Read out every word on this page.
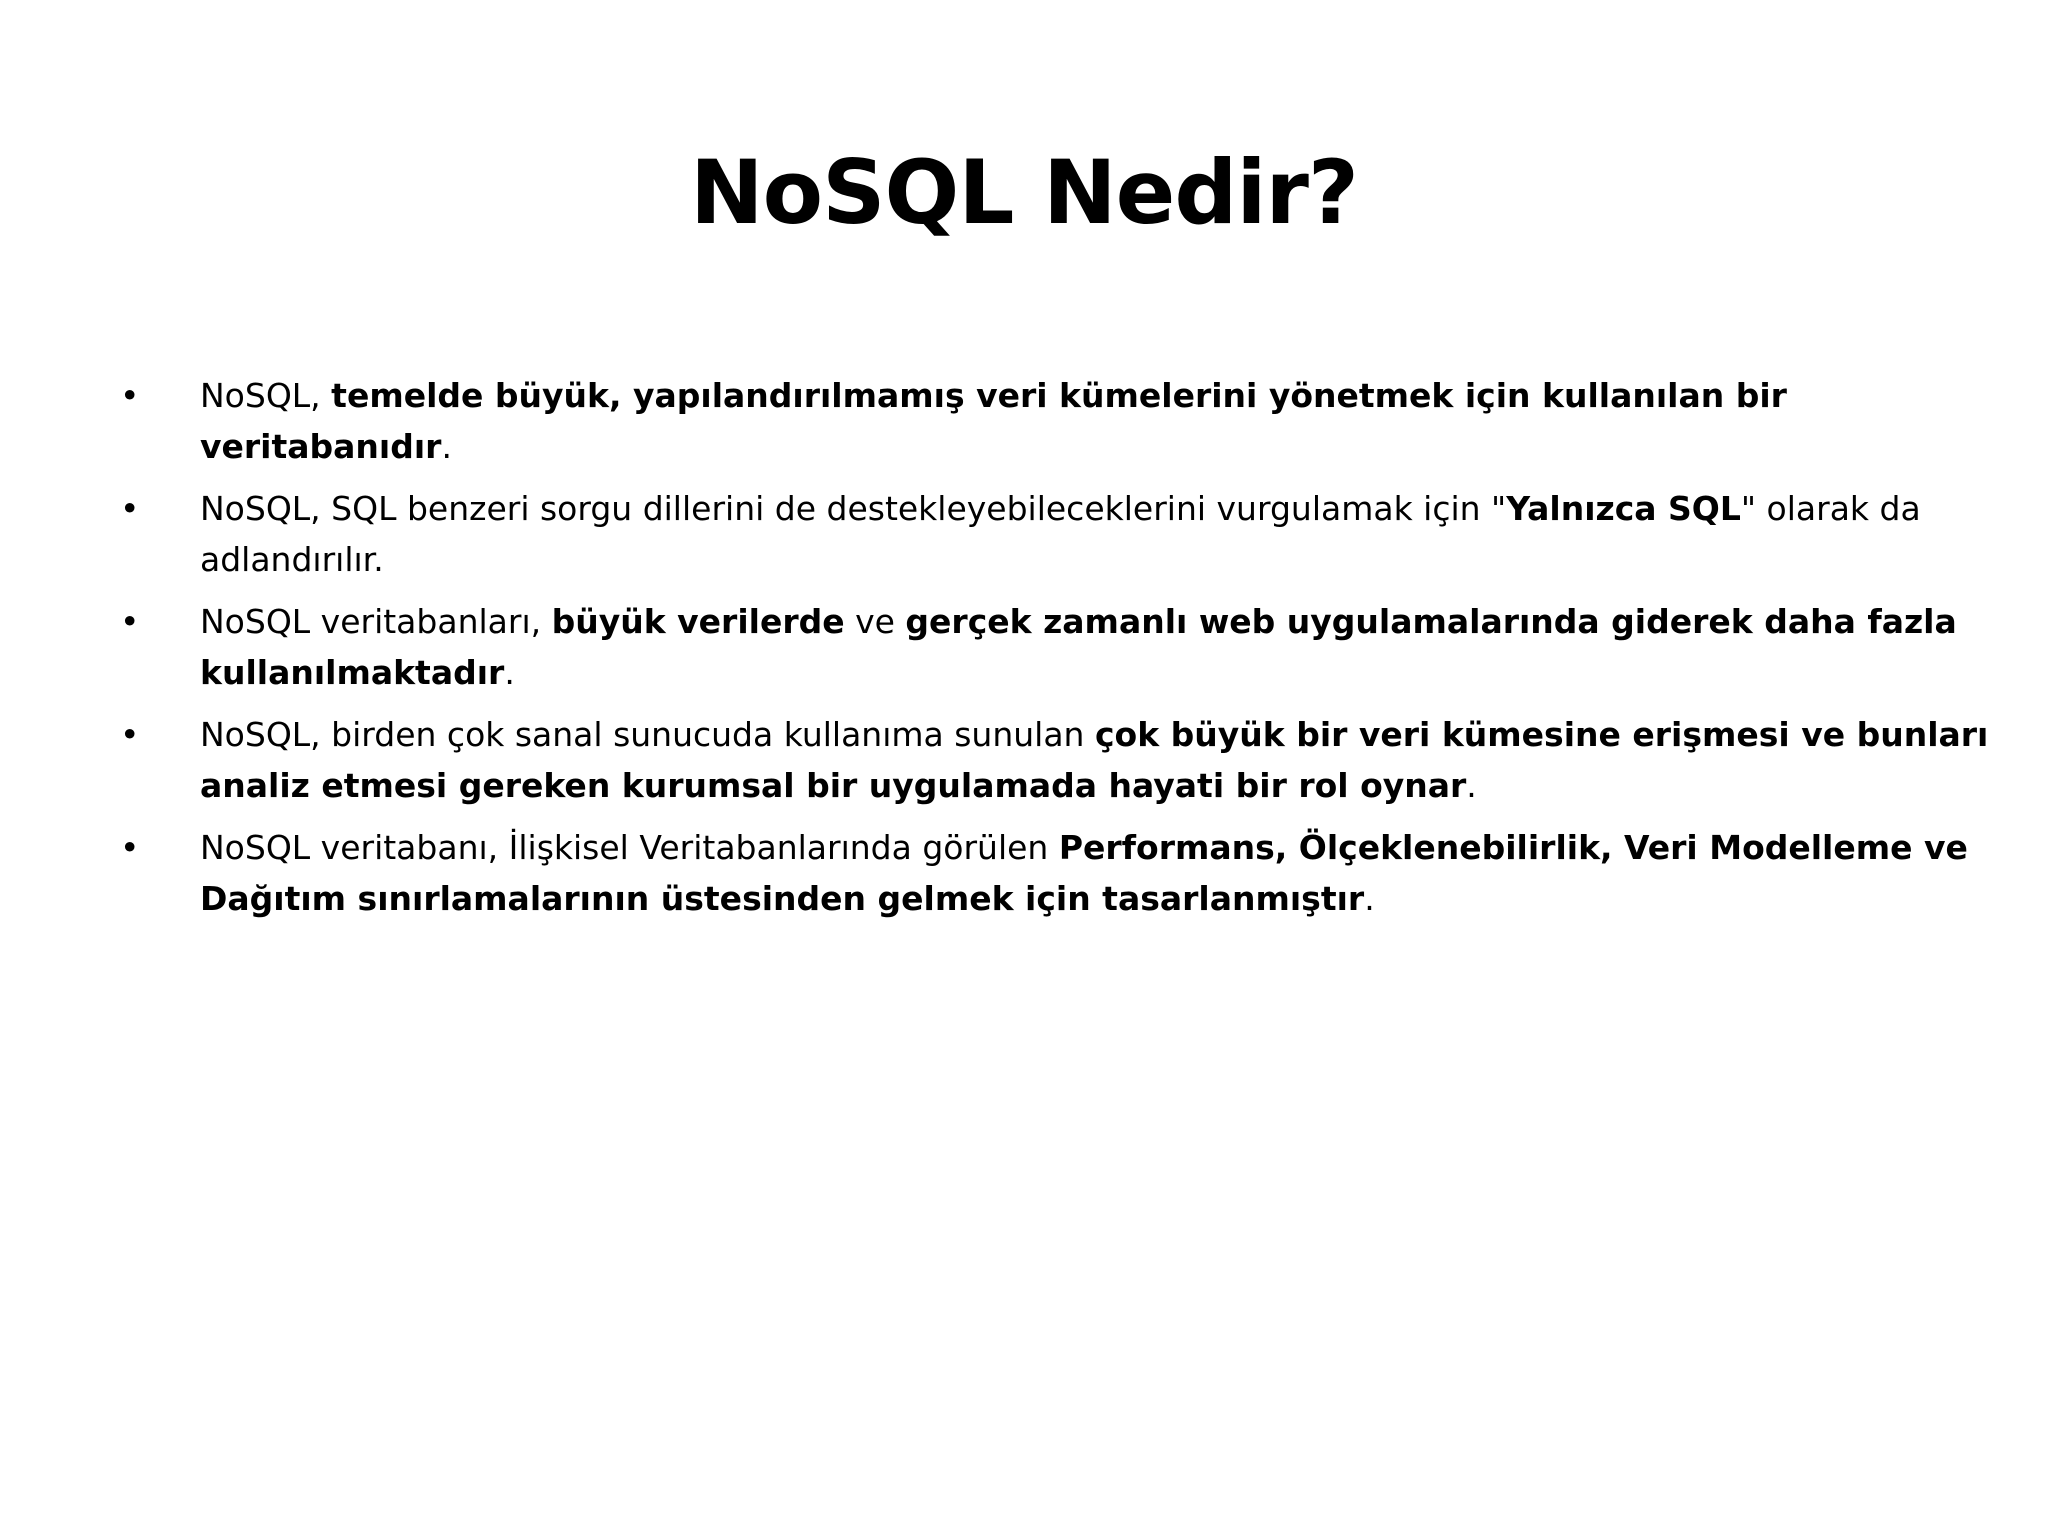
NoSQL Nedir?
•	NoSQL, temelde büyük, yapılandırılmamış veri kümelerini yönetmek için kullanılan bir veritabanıdır.
•	NoSQL, SQL benzeri sorgu dillerini de destekleyebileceklerini vurgulamak için "Yalnızca SQL" olarak da adlandırılır.
•	NoSQL veritabanları, büyük verilerde ve gerçek zamanlı web uygulamalarında giderek daha fazla kullanılmaktadır.
•	NoSQL, birden çok sanal sunucuda kullanıma sunulan çok büyük bir veri kümesine erişmesi ve bunları analiz etmesi gereken kurumsal bir uygulamada hayati bir rol oynar.
•	NoSQL veritabanı, İlişkisel Veritabanlarında görülen Performans, Ölçeklenebilirlik, Veri Modelleme ve Dağıtım sınırlamalarının üstesinden gelmek için tasarlanmıştır.
